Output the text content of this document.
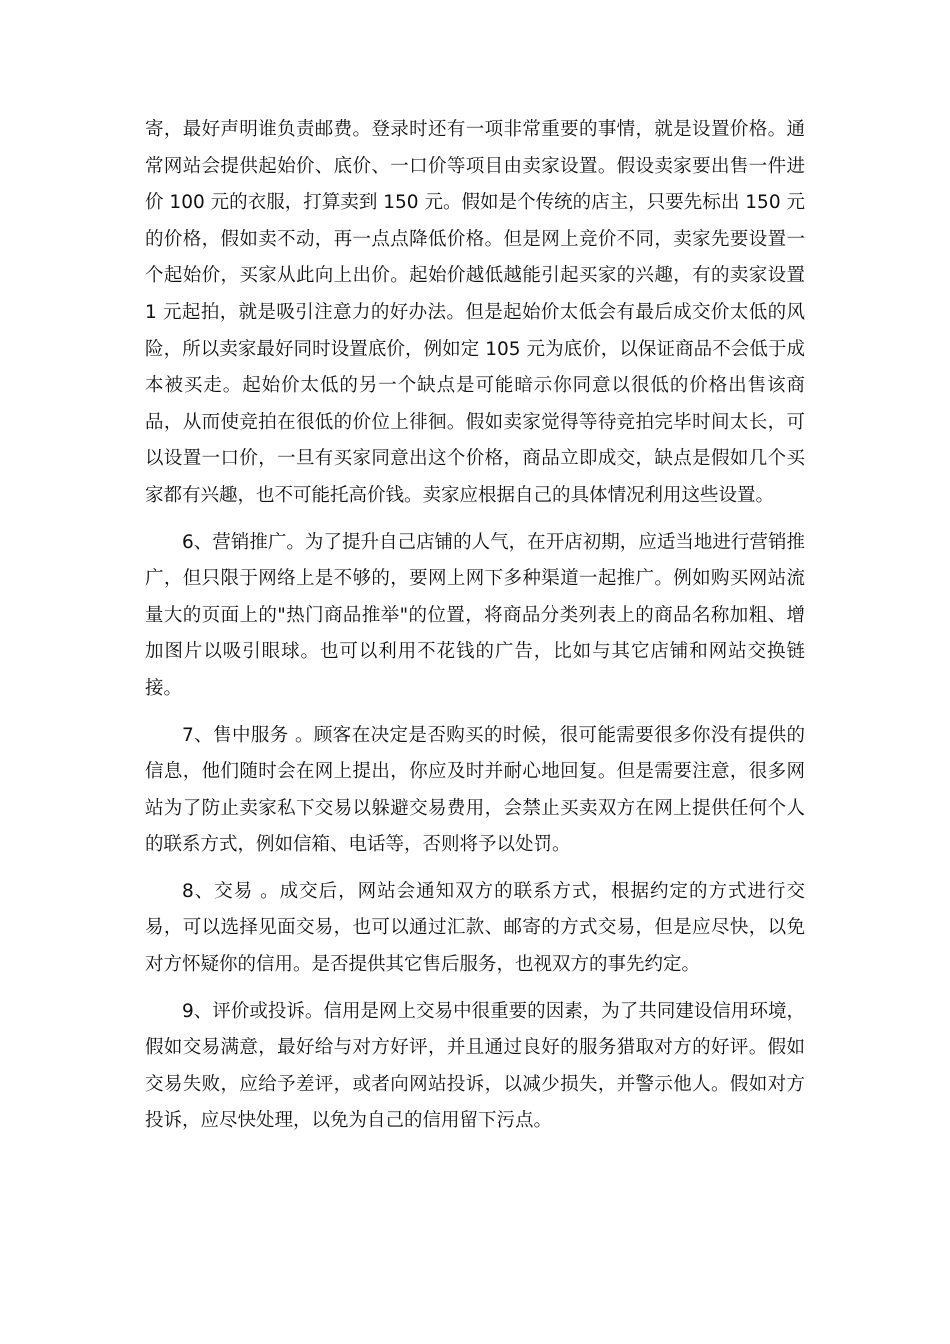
寄，最好声明谁负责邮费。登录时还有一项非常重要的事情，就是设置价格。通常网站会提供起始价、底价、一口价等项目由卖家设置。假设卖家要出售一件进价 100 元的衣服，打算卖到 150 元。假如是个传统的店主，只要先标出 150 元的价格，假如卖不动，再一点点降低价格。但是网上竞价不同，卖家先要设置一个起始价，买家从此向上出价。起始价越低越能引起买家的兴趣，有的卖家设置 1 元起拍，就是吸引注意力的好办法。但是起始价太低会有最后成交价太低的风险，所以卖家最好同时设置底价，例如定 105 元为底价，以保证商品不会低于成本被买走。起始价太低的另一个缺点是可能暗示你同意以很低的价格出售该商品，从而使竞拍在很低的价位上徘徊。假如卖家觉得等待竞拍完毕时间太长，可以设置一口价，一旦有买家同意出这个价格，商品立即成交，缺点是假如几个买家都有兴趣，也不可能托高价钱。卖家应根据自己的具体情况利用这些设置。

6、营销推广。为了提升自己店铺的人气，在开店初期，应适当地进行营销推广，但只限于网络上是不够的，要网上网下多种渠道一起推广。例如购买网站流量大的页面上的"热门商品推举"的位置，将商品分类列表上的商品名称加粗、增加图片以吸引眼球。也可以利用不花钱的广告，比如与其它店铺和网站交换链接。

7、售中服务 。顾客在决定是否购买的时候，很可能需要很多你没有提供的信息，他们随时会在网上提出，你应及时并耐心地回复。但是需要注意，很多网站为了防止卖家私下交易以躲避交易费用，会禁止买卖双方在网上提供任何个人的联系方式，例如信箱、电话等，否则将予以处罚。

8、交易 。成交后，网站会通知双方的联系方式，根据约定的方式进行交易，可以选择见面交易，也可以通过汇款、邮寄的方式交易，但是应尽快，以免对方怀疑你的信用。是否提供其它售后服务，也视双方的事先约定。

9、评价或投诉。信用是网上交易中很重要的因素，为了共同建设信用环境，假如交易满意，最好给与对方好评，并且通过良好的服务猎取对方的好评。假如交易失败，应给予差评，或者向网站投诉，以减少损失，并警示他人。假如对方投诉，应尽快处理，以免为自己的信用留下污点。
